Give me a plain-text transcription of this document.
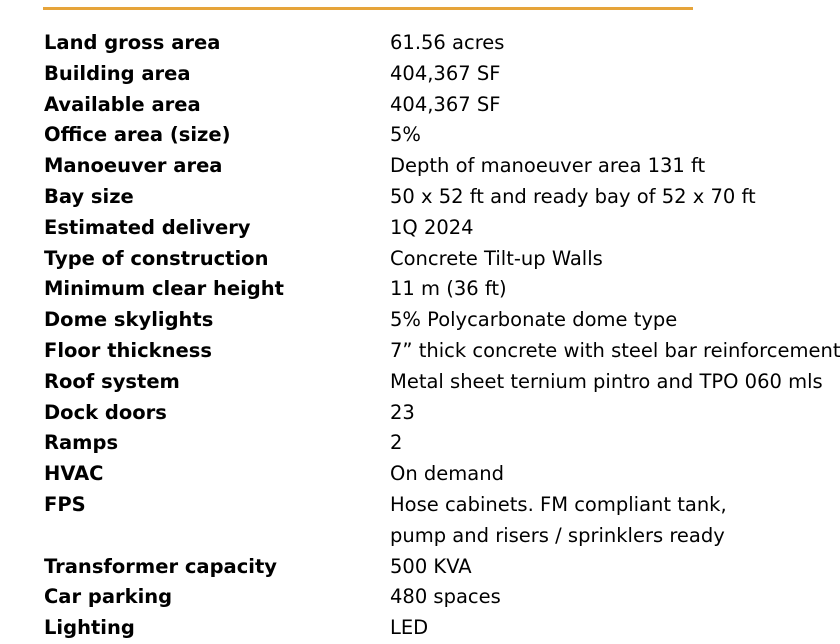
Land gross area	61.56 acres
Building area	404,367 SF
Available area	404,367 SF
Office area (size)	5%
Manoeuver area	Depth of manoeuver area 131 ft
Bay size	50 x 52 ft and ready bay of 52 x 70 ft
Estimated delivery	1Q 2024
Type of construction	Concrete Tilt-up Walls
Minimum clear height	11 m (36 ft)
Dome skylights	5% Polycarbonate dome type
Floor thickness	7” thick concrete with steel bar reinforcement
Roof system	Metal sheet ternium pintro and TPO 060 mls
Dock doors	23
Ramps	2
HVAC	On demand
FPS	Hose cabinets. FM compliant tank,
pump and risers / sprinklers ready
Transformer capacity	500 KVA
Car parking	480 spaces
Lighting	LED
